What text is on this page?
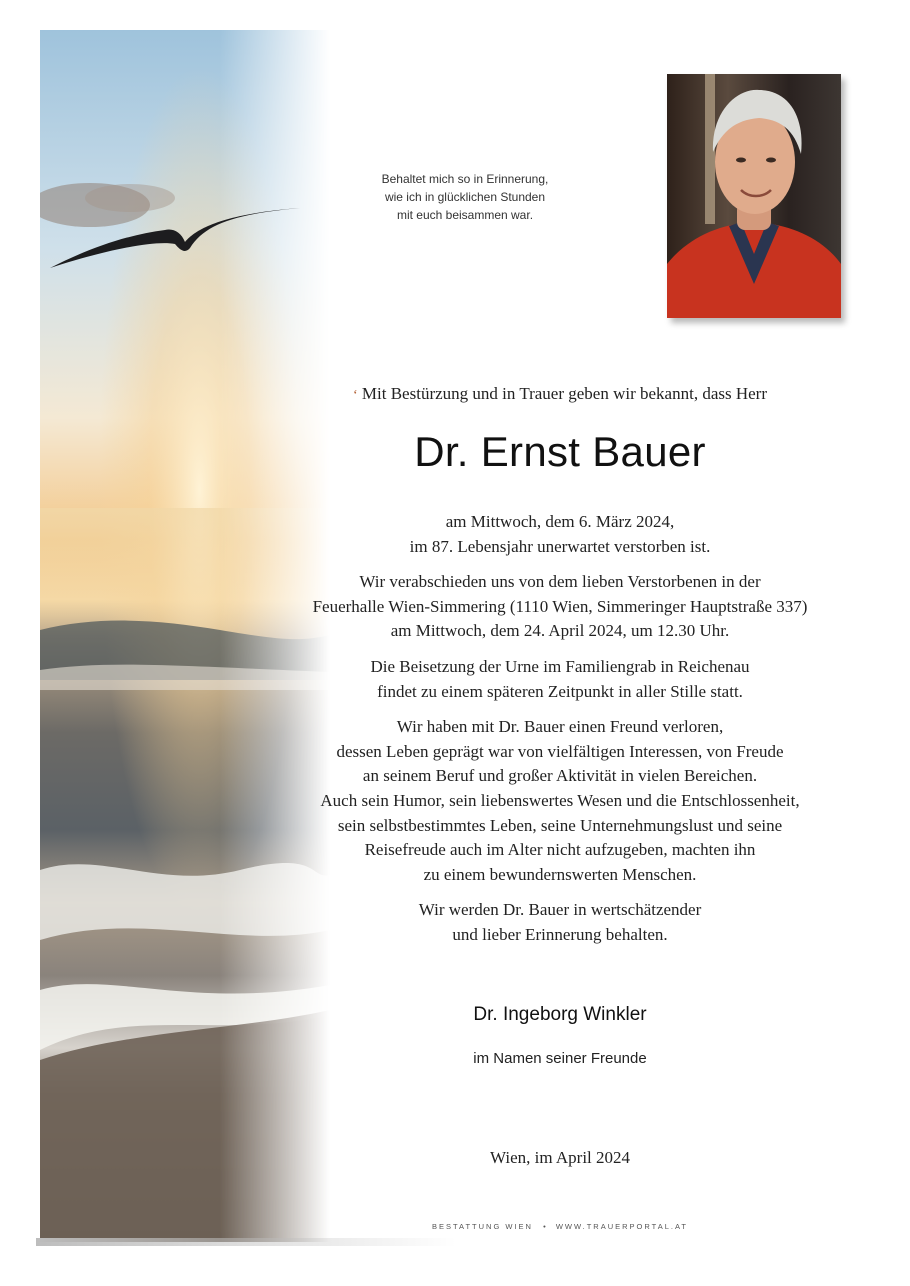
Behaltet mich so in Erinnerung,
wie ich in glücklichen Stunden
mit euch beisammen war.
ʻ Mit Bestürzung und in Trauer geben wir bekannt, dass Herr
Dr. Ernst Bauer

am Mittwoch, dem 6. März 2024,
im 87. Lebensjahr unerwartet verstorben ist.

Wir verabschieden uns von dem lieben Verstorbenen in der
Feuerhalle Wien-Simmering (1110 Wien, Simmeringer Hauptstraße 337)
am Mittwoch, dem 24. April 2024, um 12.30 Uhr.

Die Beisetzung der Urne im Familiengrab in Reichenau
findet zu einem späteren Zeitpunkt in aller Stille statt.

Wir haben mit Dr. Bauer einen Freund verloren,
dessen Leben geprägt war von vielfältigen Interessen, von Freude
an seinem Beruf und großer Aktivität in vielen Bereichen.
Auch sein Humor, sein liebenswertes Wesen und die Entschlossenheit,
sein selbstbestimmtes Leben, seine Unternehmungslust und seine
Reisefreude auch im Alter nicht aufzugeben, machten ihn
zu einem bewundernswerten Menschen.

Wir werden Dr. Bauer in wertschätzender
und lieber Erinnerung behalten.

Dr. Ingeborg Winkler
im Namen seiner Freunde
Wien, im April 2024
BESTATTUNG WIEN • WWW.TRAUERPORTAL.AT
